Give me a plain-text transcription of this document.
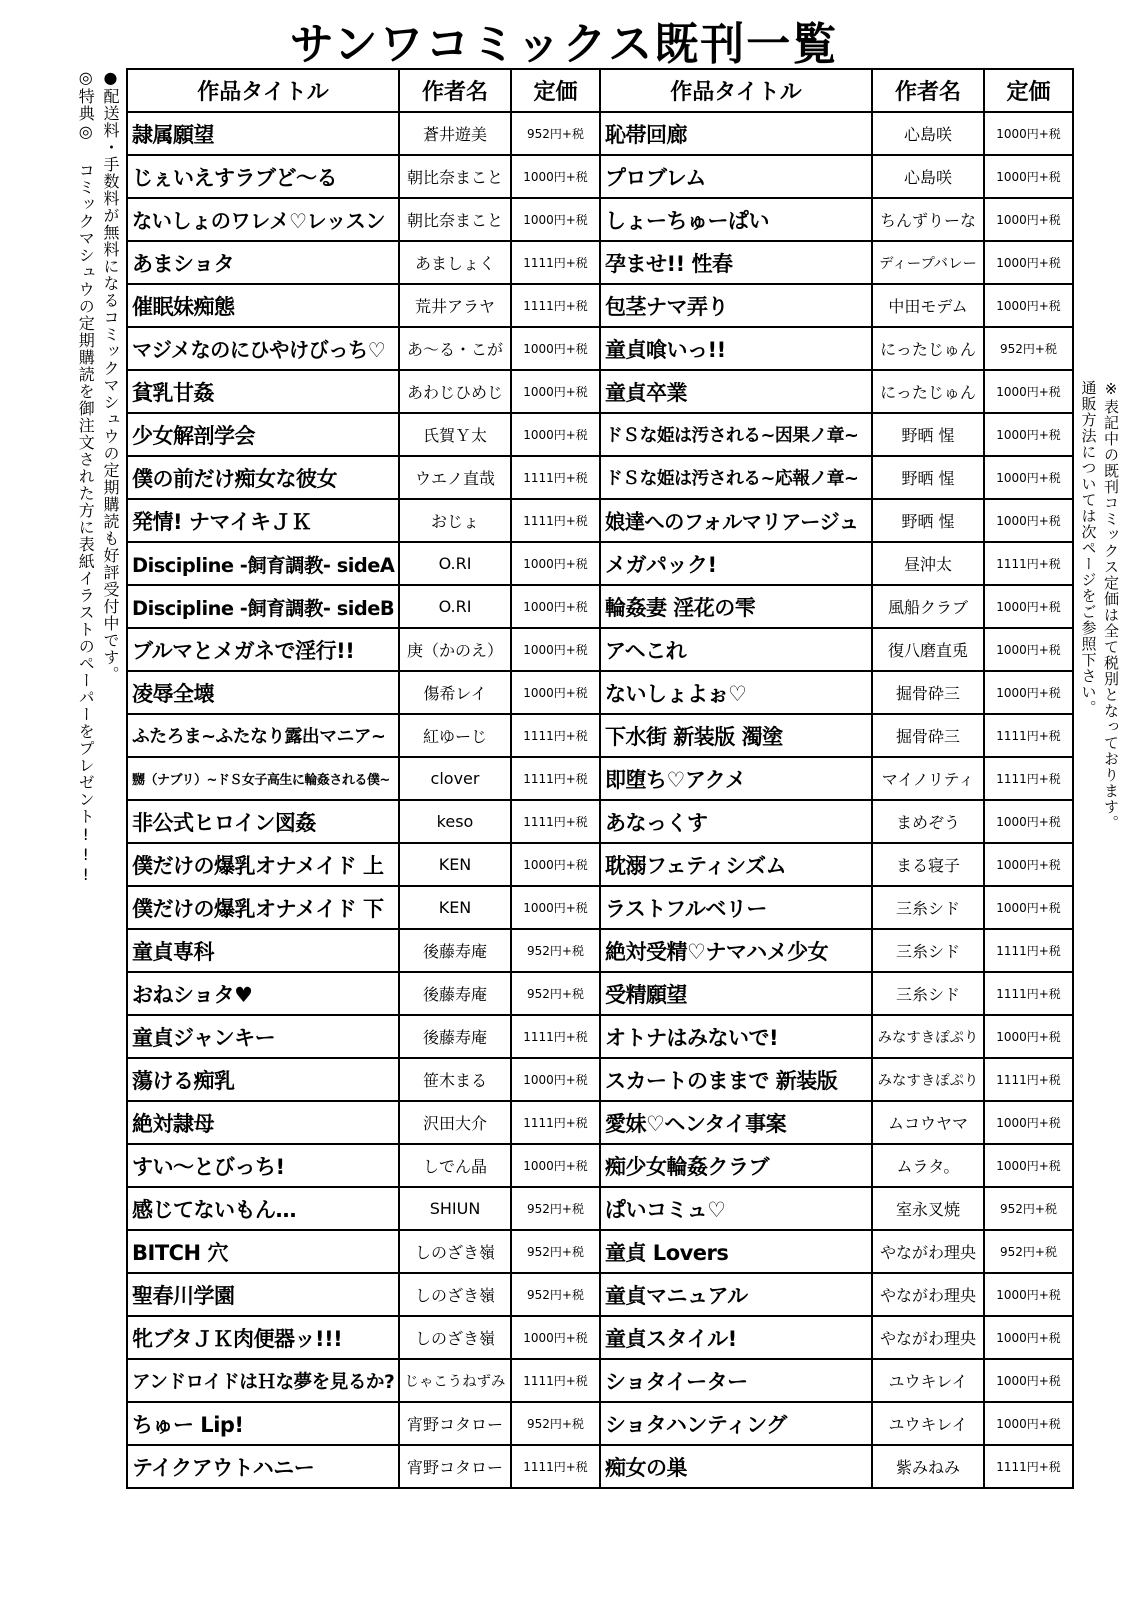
サンワコミックス既刊一覧
●配送料・手数料が無料になるコミックマシュウの定期購読も好評受付中です。
◎特典◎ コミックマシュウの定期購読を御注文された方に表紙イラストのペーパーをプレゼント!!!	※表記中の既刊コミックス定価は全て税別となっております。
通販方法については次ページをご参照下さい。
作品タイトル	作者名	定価	作品タイトル	作者名	定価
隷属願望	蒼井遊美	952円+税	恥帯回廊	心島咲	1000円+税
じぇいえすラブど〜る	朝比奈まこと	1000円+税	プロブレム	心島咲	1000円+税
ないしょのワレメ♡レッスン	朝比奈まこと	1000円+税	しょーちゅーぱい	ちんずりーな	1000円+税
あまショタ	あましょく	1111円+税	孕ませ!! 性春	ディープバレー	1000円+税
催眠妹痴態	荒井アラヤ	1111円+税	包茎ナマ弄り	中田モデム	1000円+税
マジメなのにひやけびっち♡	あ〜る・こが	1000円+税	童貞喰いっ!!	にったじゅん	952円+税
貧乳甘姦	あわじひめじ	1000円+税	童貞卒業	にったじゅん	1000円+税
少女解剖学会	氏賀Ｙ太	1000円+税	ドＳな姫は汚される~因果ノ章~	野晒 惺	1000円+税
僕の前だけ痴女な彼女	ウエノ直哉	1111円+税	ドＳな姫は汚される~応報ノ章~	野晒 惺	1000円+税
発情! ナマイキＪＫ	おじょ	1111円+税	娘達へのフォルマリアージュ	野晒 惺	1000円+税
Discipline -飼育調教- sideA	O.RI	1000円+税	メガパック!	昼沖太	1111円+税
Discipline -飼育調教- sideB	O.RI	1000円+税	輪姦妻 淫花の雫	風船クラブ	1000円+税
ブルマとメガネで淫行!!	庚（かのえ）	1000円+税	アヘこれ	復八磨直兎	1000円+税
凌辱全壊	傷希レイ	1000円+税	ないしょよぉ♡	掘骨砕三	1000円+税
ふたろま~ふたなり露出マニア~	紅ゆーじ	1111円+税	下水街 新装版 濁塗	掘骨砕三	1111円+税
嬲（ナブリ）~ドＳ女子高生に輪姦される僕~	clover	1111円+税	即堕ち♡アクメ	マイノリティ	1111円+税
非公式ヒロイン図姦	keso	1111円+税	あなっくす	まめぞう	1000円+税
僕だけの爆乳オナメイド 上	KEN	1000円+税	耽溺フェティシズム	まる寝子	1000円+税
僕だけの爆乳オナメイド 下	KEN	1000円+税	ラストフルベリー	三糸シド	1000円+税
童貞専科	後藤寿庵	952円+税	絶対受精♡ナマハメ少女	三糸シド	1111円+税
おねショタ♥	後藤寿庵	952円+税	受精願望	三糸シド	1111円+税
童貞ジャンキー	後藤寿庵	1111円+税	オトナはみないで!	みなすきぽぷり	1000円+税
蕩ける痴乳	笹木まる	1000円+税	スカートのままで 新装版	みなすきぽぷり	1111円+税
絶対隷母	沢田大介	1111円+税	愛妹♡ヘンタイ事案	ムコウヤマ	1000円+税
すい〜とびっち!	しでん晶	1000円+税	痴少女輪姦クラブ	ムラタ。	1000円+税
感じてないもん…	SHIUN	952円+税	ぱいコミュ♡	室永叉焼	952円+税
BITCH 穴	しのざき嶺	952円+税	童貞 Lovers	やながわ理央	952円+税
聖春川学園	しのざき嶺	952円+税	童貞マニュアル	やながわ理央	1000円+税
牝ブタＪＫ肉便器ッ!!!	しのざき嶺	1000円+税	童貞スタイル!	やながわ理央	1000円+税
アンドロイドはＨな夢を見るか?	じゃこうねずみ	1111円+税	ショタイーター	ユウキレイ	1000円+税
ちゅー Lip!	宵野コタロー	952円+税	ショタハンティング	ユウキレイ	1000円+税
テイクアウトハニー	宵野コタロー	1111円+税	痴女の巣	紫みねみ	1111円+税
